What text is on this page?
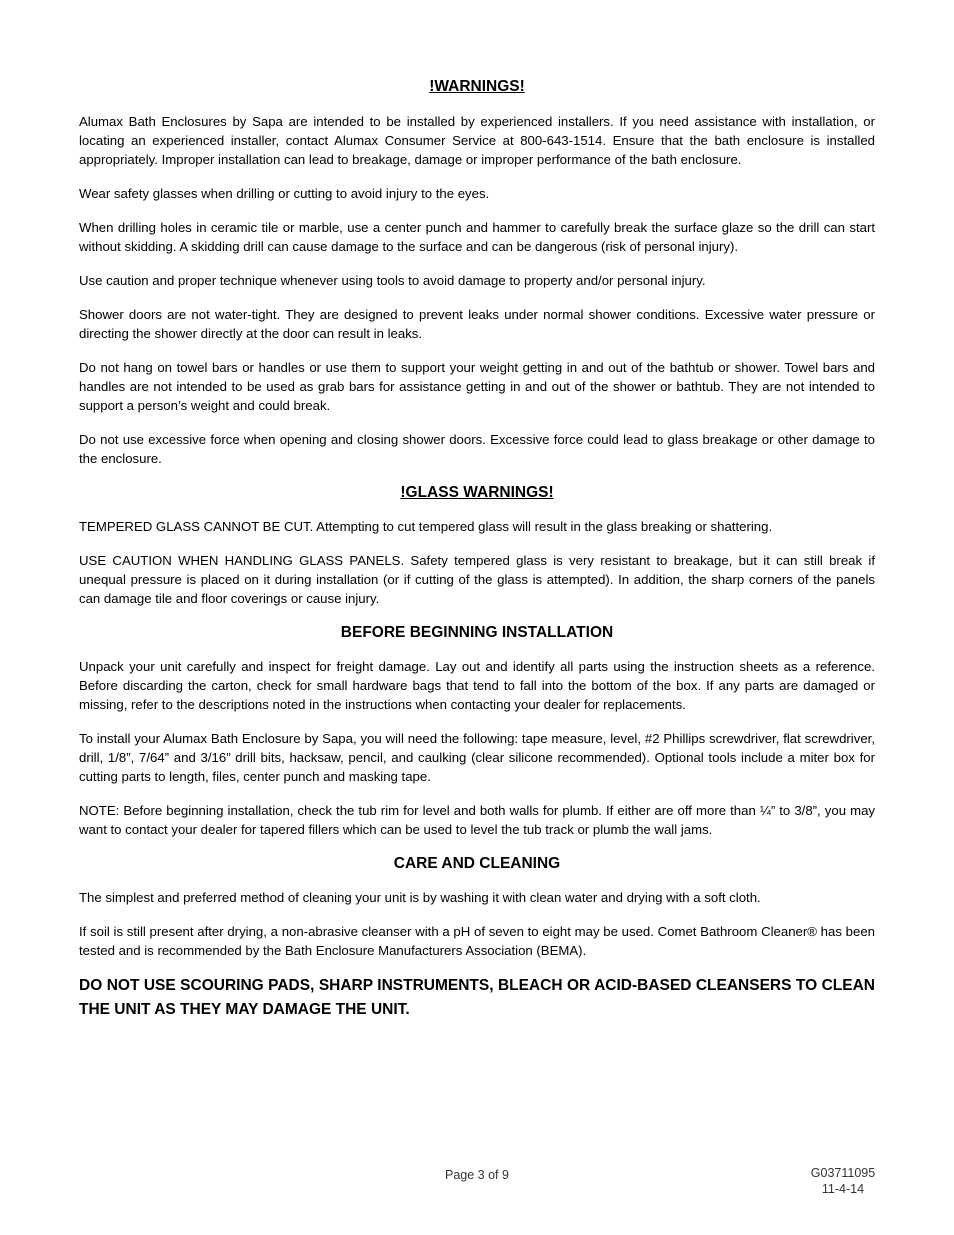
!WARNINGS!

Alumax Bath Enclosures by Sapa are intended to be installed by experienced installers. If you need assistance with installation, or locating an experienced installer, contact Alumax Consumer Service at 800-643-1514. Ensure that the bath enclosure is installed appropriately. Improper installation can lead to breakage, damage or improper performance of the bath enclosure.

Wear safety glasses when drilling or cutting to avoid injury to the eyes.

When drilling holes in ceramic tile or marble, use a center punch and hammer to carefully break the surface glaze so the drill can start without skidding. A skidding drill can cause damage to the surface and can be dangerous (risk of personal injury).

Use caution and proper technique whenever using tools to avoid damage to property and/or personal injury.

Shower doors are not water-tight. They are designed to prevent leaks under normal shower conditions. Excessive water pressure or directing the shower directly at the door can result in leaks.

Do not hang on towel bars or handles or use them to support your weight getting in and out of the bathtub or shower. Towel bars and handles are not intended to be used as grab bars for assistance getting in and out of the shower or bathtub. They are not intended to support a person’s weight and could break.

Do not use excessive force when opening and closing shower doors. Excessive force could lead to glass breakage or other damage to the enclosure.

!GLASS WARNINGS!

TEMPERED GLASS CANNOT BE CUT. Attempting to cut tempered glass will result in the glass breaking or shattering.

USE CAUTION WHEN HANDLING GLASS PANELS. Safety tempered glass is very resistant to breakage, but it can still break if unequal pressure is placed on it during installation (or if cutting of the glass is attempted). In addition, the sharp corners of the panels can damage tile and floor coverings or cause injury.

BEFORE BEGINNING INSTALLATION

Unpack your unit carefully and inspect for freight damage. Lay out and identify all parts using the instruction sheets as a reference. Before discarding the carton, check for small hardware bags that tend to fall into the bottom of the box. If any parts are damaged or missing, refer to the descriptions noted in the instructions when contacting your dealer for replacements.

To install your Alumax Bath Enclosure by Sapa, you will need the following: tape measure, level, #2 Phillips screwdriver, flat screwdriver, drill, 1/8”, 7/64” and 3/16” drill bits, hacksaw, pencil, and caulking (clear silicone recommended). Optional tools include a miter box for cutting parts to length, files, center punch and masking tape.

NOTE: Before beginning installation, check the tub rim for level and both walls for plumb. If either are off more than ¼” to 3/8”, you may want to contact your dealer for tapered fillers which can be used to level the tub track or plumb the wall jams.

CARE AND CLEANING

The simplest and preferred method of cleaning your unit is by washing it with clean water and drying with a soft cloth.

If soil is still present after drying, a non-abrasive cleanser with a pH of seven to eight may be used. Comet Bathroom Cleaner® has been tested and is recommended by the Bath Enclosure Manufacturers Association (BEMA).

DO NOT USE SCOURING PADS, SHARP INSTRUMENTS, BLEACH OR ACID-BASED CLEANSERS TO CLEAN THE UNIT AS THEY MAY DAMAGE THE UNIT.

Page 3 of 9	G03711095
11-4-14
